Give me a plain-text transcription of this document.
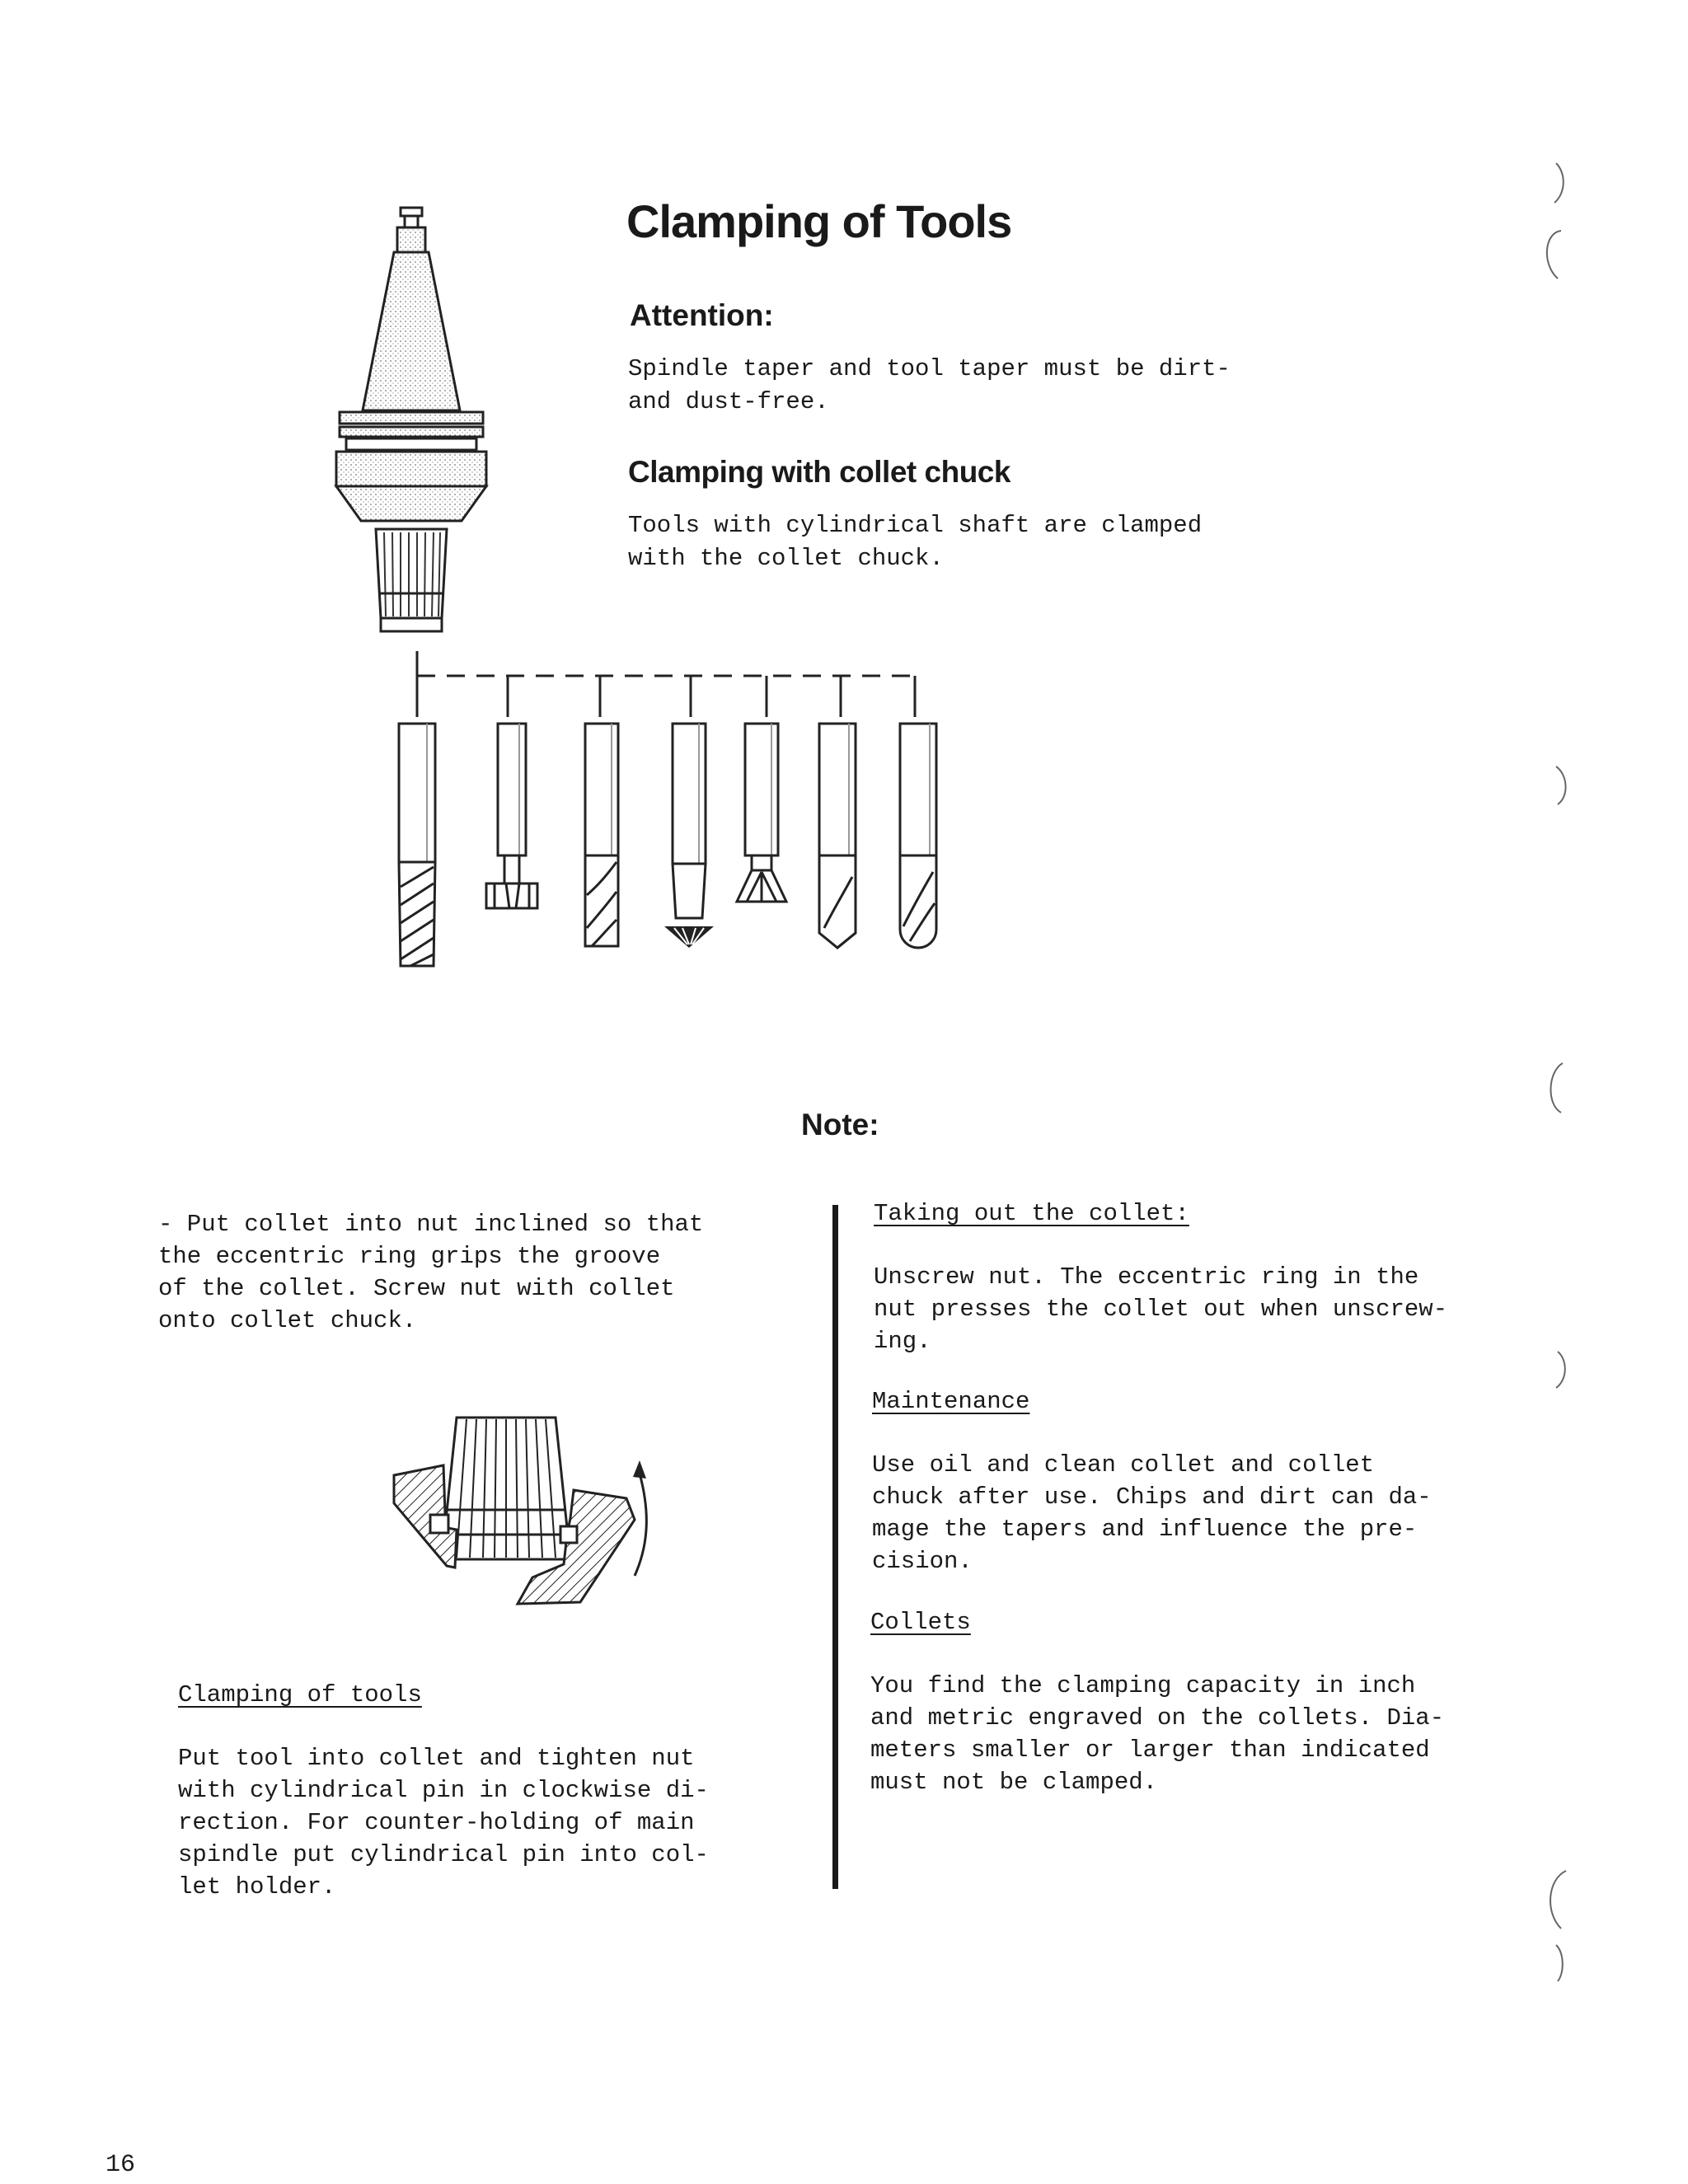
Clamping of Tools
Attention:
Spindle taper and tool taper must be dirt-
and dust-free.
Clamping with collet chuck
Tools with cylindrical shaft are clamped
with the collet chuck.
Note:
- Put collet into nut inclined so that
the eccentric ring grips the groove
of the collet. Screw nut with collet
onto collet chuck.
Clamping of tools
Put tool into collet and tighten nut
with cylindrical pin in clockwise di-
rection. For counter-holding of main
spindle put cylindrical pin into col-
let holder.
Taking out the collet:
Unscrew nut. The eccentric ring in the
nut presses the collet out when unscrew-
ing.
Maintenance
Use oil and clean collet and collet
chuck after use. Chips and dirt can da-
mage the tapers and influence the pre-
cision.
Collets
You find the clamping capacity in inch
and metric engraved on the collets. Dia-
meters smaller or larger than indicated
must not be clamped.
16
